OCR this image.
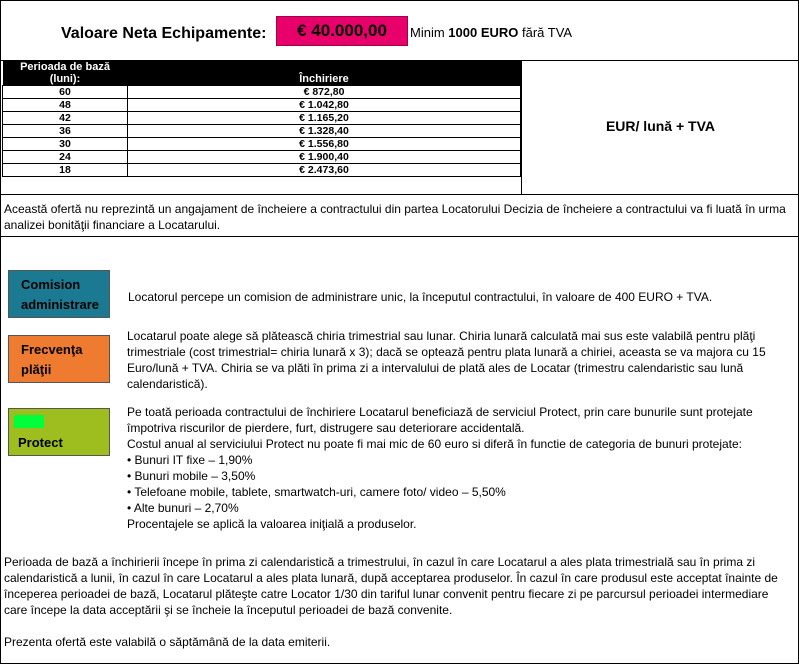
Valoare Neta Echipamente:	€ 40.000,00	Minim 1000 EURO fără TVA
Perioada de bază (luni):	Închiriere
60	€ 872,80
48	€ 1.042,80
42	€ 1.165,20
36	€ 1.328,40
30	€ 1.556,80
24	€ 1.900,40
18	€ 2.473,60
EUR/ lună + TVA
Această ofertă nu reprezintă un angajament de încheiere a contractului din partea Locatorului Decizia de încheiere a contractului va fi luată în urma analizei bonităţii financiare a Locatarului.
Comision administrare	Locatorul percepe un comision de administrare unic, la începutul contractului, în valoare de 400 EURO + TVA.
Frecvenţa plăţii
Locatarul poate alege să plătească chiria trimestrial sau lunar. Chiria lunară calculată mai sus este valabilă pentru plăţi trimestriale (cost trimestrial= chiria lunară x 3); dacă se optează pentru plata lunară a chiriei, aceasta se va majora cu 15 Euro/lună + TVA. Chiria se va plăti în prima zi a intervalului de plată ales de Locatar (trimestru calendaristic sau lună calendaristică).
Protect
Pe toată perioada contractului de închiriere Locatarul beneficiază de serviciul Protect, prin care bunurile sunt protejate împotriva riscurilor de pierdere, furt, distrugere sau deteriorare accidentală.
Costul anual al serviciului Protect nu poate fi mai mic de 60 euro si diferă în functie de categoria de bunuri protejate:
• Bunuri IT fixe – 1,90%
• Bunuri mobile – 3,50%
• Telefoane mobile, tablete, smartwatch-uri, camere foto/ video – 5,50%
• Alte bunuri – 2,70%
Procentajele se aplică la valoarea iniţială a produselor.
Perioada de bază a închirierii începe în prima zi calendaristică a trimestrului, în cazul în care Locatarul a ales plata trimestrială sau în prima zi calendaristică a lunii, în cazul în care Locatarul a ales plata lunară, după acceptarea produselor. În cazul în care produsul este acceptat înainte de începerea perioadei de bază, Locatarul plăteşte catre Locator 1/30 din tariful lunar convenit pentru fiecare zi pe parcursul perioadei intermediare care începe la data acceptării şi se încheie la începutul perioadei de bază convenite.
Prezenta ofertă este valabilă o săptămână de la data emiterii.
